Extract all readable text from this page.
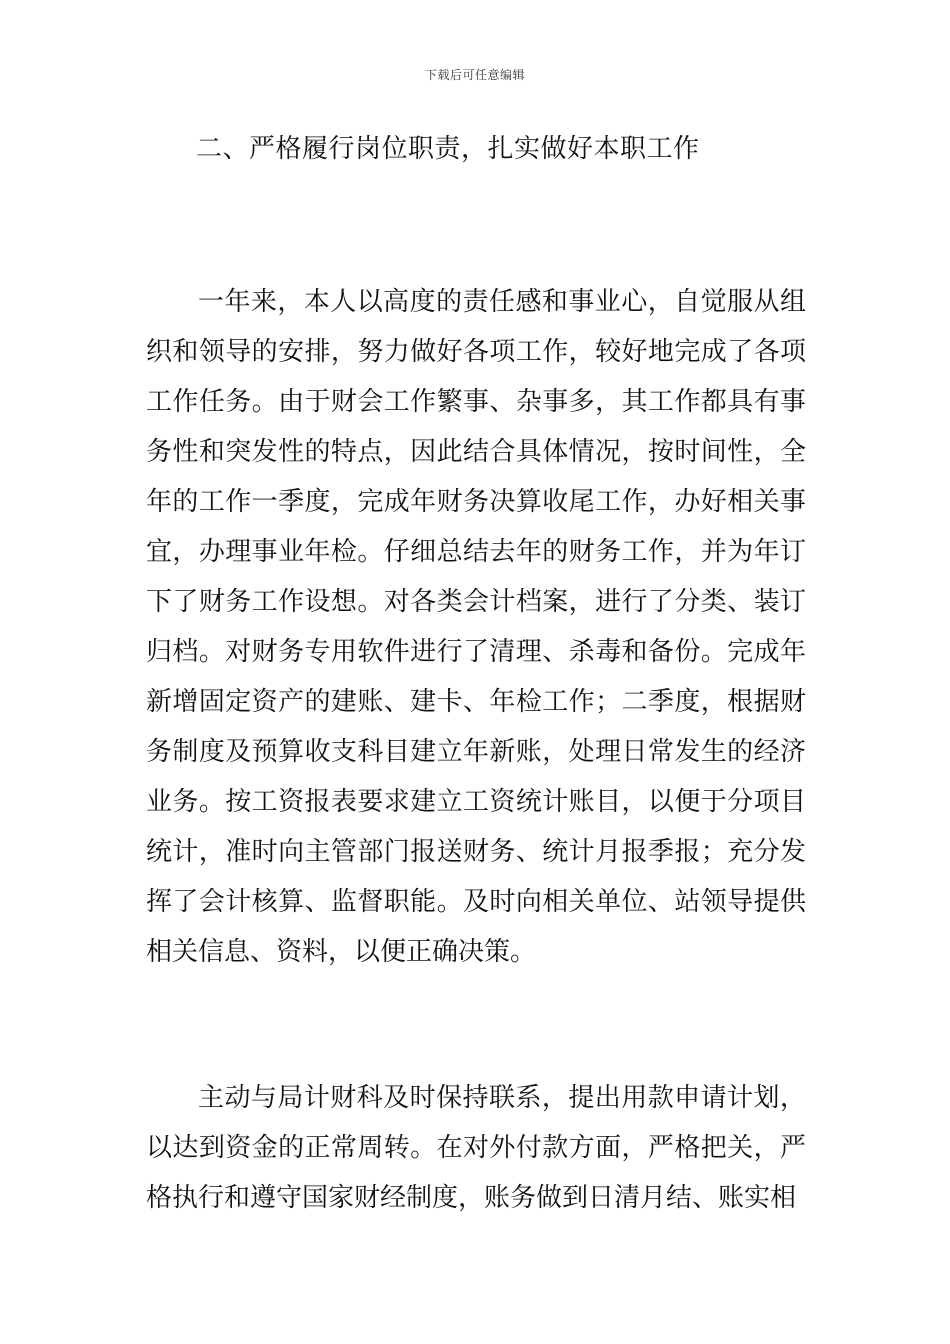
下载后可任意编辑
二、严格履行岗位职责，扎实做好本职工作

一年来，本人以高度的责任感和事业心，自觉服从组织和领导的安排，努力做好各项工作，较好地完成了各项工作任务。由于财会工作繁事、杂事多，其工作都具有事务性和突发性的特点，因此结合具体情况，按时间性，全年的工作一季度，完成年财务决算收尾工作，办好相关事宜，办理事业年检。仔细总结去年的财务工作，并为年订下了财务工作设想。对各类会计档案，进行了分类、装订归档。对财务专用软件进行了清理、杀毒和备份。完成年新增固定资产的建账、建卡、年检工作；二季度，根据财务制度及预算收支科目建立年新账，处理日常发生的经济业务。按工资报表要求建立工资统计账目，以便于分项目统计，准时向主管部门报送财务、统计月报季报；充分发挥了会计核算、监督职能。及时向相关单位、站领导提供相关信息、资料，以便正确决策。

主动与局计财科及时保持联系，提出用款申请计划，以达到资金的正常周转。在对外付款方面，严格把关，严格执行和遵守国家财经制度，账务做到日清月结、账实相
